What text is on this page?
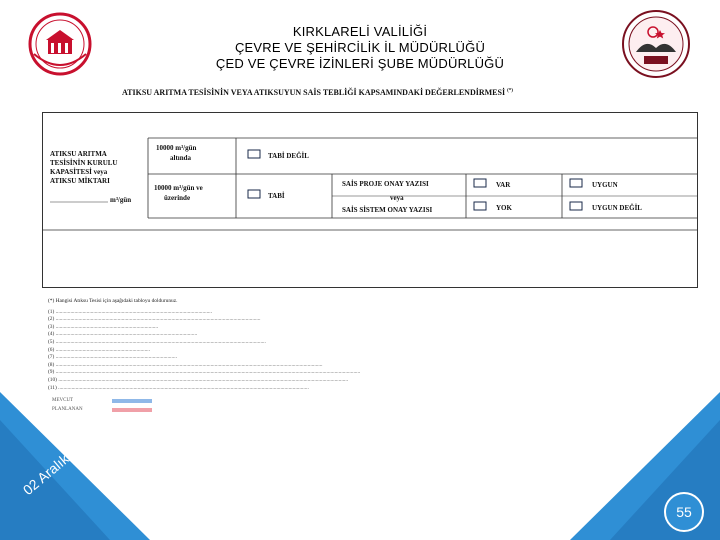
KIRKLARELİ VALİLİĞİ
ÇEVRE VE ŞEHİRCİLİK İL MÜDÜRLÜĞÜ
ÇED VE ÇEVRE İZİNLERİ ŞUBE MÜDÜRLÜĞÜ
ATIKSU ARITMA TESİSİNİN VEYA ATIKSUYUN SAİS TEBLİĞİ KAPSAMINDAKİ DEĞERLENDİRMESİ (*)
ATIKSU ARITMA
TESİSİNİN KURULU
KAPASİTESİ veya
ATIKSU MİKTARI
m³/gün
10000 m³/gün
altında
10000 m³/gün ve
üzerinde
TABİ DEĞİL
TABİ
SAİS PROJE ONAY YAZISI
veya
SAİS SİSTEM ONAY YAZISI
VAR
YOK
UYGUN
UYGUN DEĞİL
(*) Hangisi Atıksu Tesisi için aşağıdaki tabloyu doldurunuz.
(1) ....................................................................................................................
(2) ........................................................................................................................................................
(3) ............................................................................
(4) .........................................................................................................
(5) ............................................................................................................................................................
(6) ......................................................................
(7) ..........................................................................................
(8) ......................................................................................................................................................................................................
(9) ..................................................................................................................................................................................................................................
(10) .......................................................................................................................................................................................................................
(11) ..........................................................................................................................................................................................
MEVCUT
PLANLANAN
02 Aralık
55
